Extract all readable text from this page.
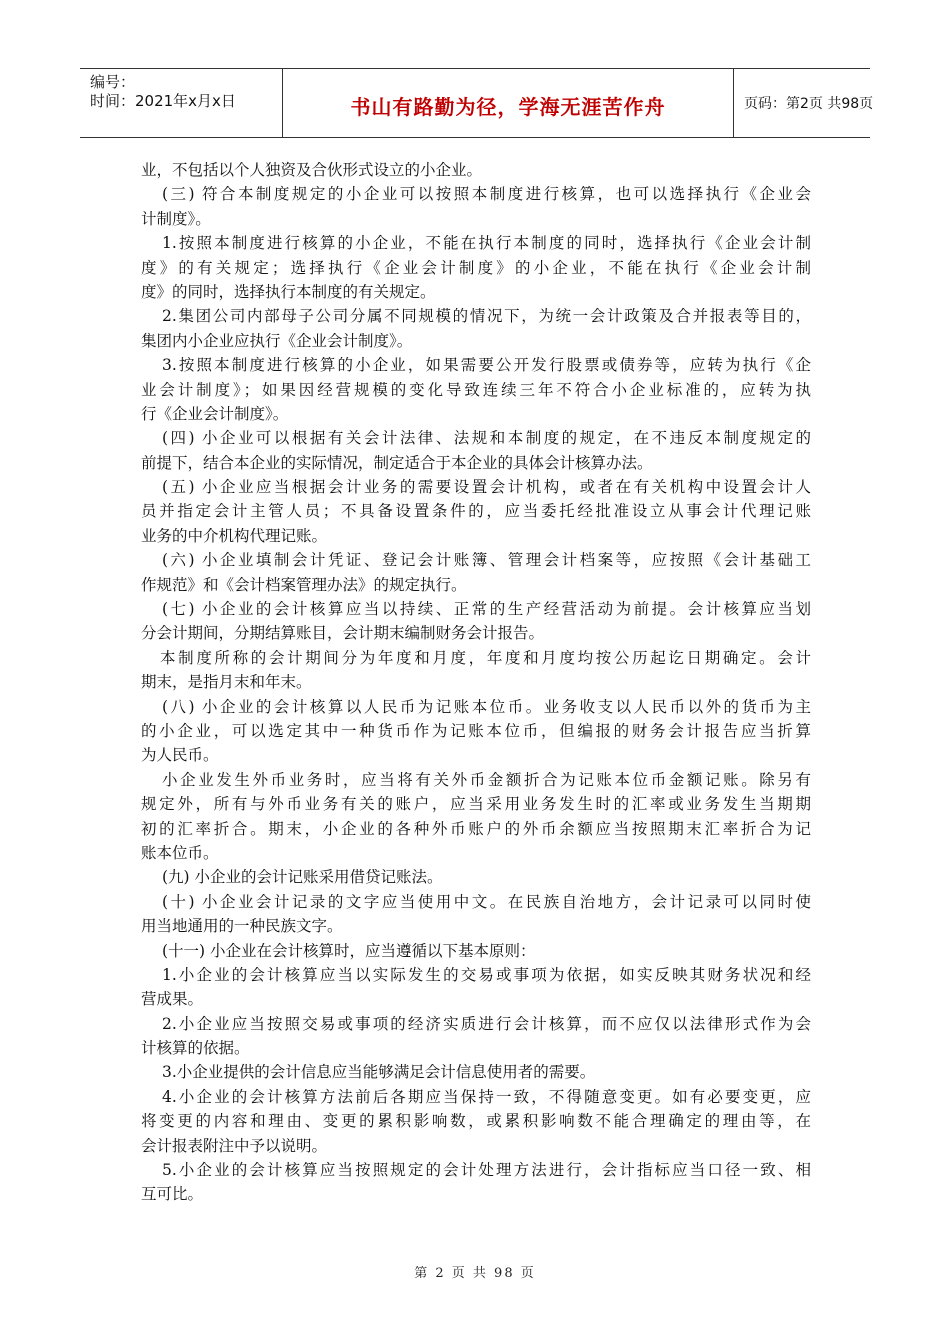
编号：
时间：2021年x月x日	书山有路勤为径，学海无涯苦作舟	页码：第2页 共98页
业，不包括以个人独资及合伙形式设立的小企业。
(三) 符合本制度规定的小企业可以按照本制度进行核算，也可以选择执行《企业会
计制度》。
1.按照本制度进行核算的小企业，不能在执行本制度的同时，选择执行《企业会计制
度》的有关规定；选择执行《企业会计制度》的小企业，不能在执行《企业会计制
度》的同时，选择执行本制度的有关规定。
2.集团公司内部母子公司分属不同规模的情况下，为统一会计政策及合并报表等目的，
集团内小企业应执行《企业会计制度》。
3.按照本制度进行核算的小企业，如果需要公开发行股票或债券等，应转为执行《企
业会计制度》；如果因经营规模的变化导致连续三年不符合小企业标准的，应转为执
行《企业会计制度》。
(四) 小企业可以根据有关会计法律、法规和本制度的规定，在不违反本制度规定的
前提下，结合本企业的实际情况，制定适合于本企业的具体会计核算办法。
(五) 小企业应当根据会计业务的需要设置会计机构，或者在有关机构中设置会计人
员并指定会计主管人员；不具备设置条件的，应当委托经批准设立从事会计代理记账
业务的中介机构代理记账。
(六) 小企业填制会计凭证、登记会计账簿、管理会计档案等，应按照《会计基础工
作规范》和《会计档案管理办法》的规定执行。
(七) 小企业的会计核算应当以持续、正常的生产经营活动为前提。会计核算应当划
分会计期间，分期结算账目，会计期末编制财务会计报告。
本制度所称的会计期间分为年度和月度，年度和月度均按公历起讫日期确定。会计
期末，是指月末和年末。
(八) 小企业的会计核算以人民币为记账本位币。业务收支以人民币以外的货币为主
的小企业，可以选定其中一种货币作为记账本位币，但编报的财务会计报告应当折算
为人民币。
小企业发生外币业务时，应当将有关外币金额折合为记账本位币金额记账。除另有
规定外，所有与外币业务有关的账户，应当采用业务发生时的汇率或业务发生当期期
初的汇率折合。期末，小企业的各种外币账户的外币余额应当按照期末汇率折合为记
账本位币。
(九) 小企业的会计记账采用借贷记账法。
(十) 小企业会计记录的文字应当使用中文。在民族自治地方，会计记录可以同时使
用当地通用的一种民族文字。
(十一) 小企业在会计核算时，应当遵循以下基本原则：
1.小企业的会计核算应当以实际发生的交易或事项为依据，如实反映其财务状况和经
营成果。
2.小企业应当按照交易或事项的经济实质进行会计核算，而不应仅以法律形式作为会
计核算的依据。
3.小企业提供的会计信息应当能够满足会计信息使用者的需要。
4.小企业的会计核算方法前后各期应当保持一致，不得随意变更。如有必要变更，应
将变更的内容和理由、变更的累积影响数，或累积影响数不能合理确定的理由等，在
会计报表附注中予以说明。
5.小企业的会计核算应当按照规定的会计处理方法进行，会计指标应当口径一致、相
互可比。
第 2 页 共 98 页
